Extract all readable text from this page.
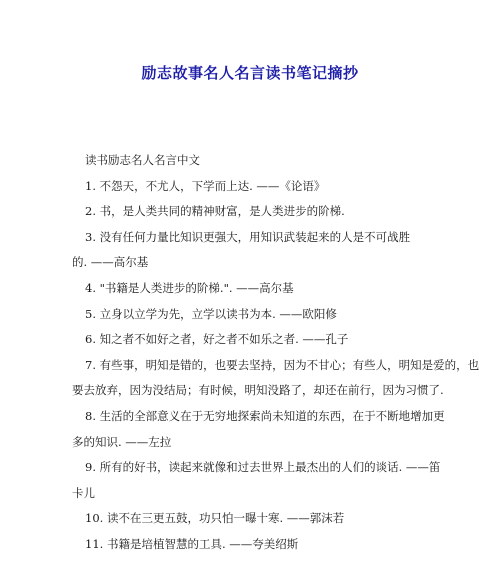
励志故事名人名言读书笔记摘抄
读书励志名人名言中文
1. 不怨天，不尤人，下学而上达. ——《论语》
2. 书，是人类共同的精神财富，是人类进步的阶梯.
3. 没有任何力量比知识更强大，用知识武装起来的人是不可战胜
的. ——高尔基
4. "书籍是人类进步的阶梯.". ——高尔基
5. 立身以立学为先，立学以读书为本. ——欧阳修
6. 知之者不如好之者，好之者不如乐之者. ——孔子
7. 有些事，明知是错的，也要去坚持，因为不甘心；有些人，明知是爱的，也
要去放弃，因为没结局；有时候，明知没路了，却还在前行，因为习惯了.
8. 生活的全部意义在于无穷地探索尚未知道的东西，在于不断地增加更
多的知识. ——左拉
9. 所有的好书，读起来就像和过去世界上最杰出的人们的谈话. ——笛
卡儿
10. 读不在三更五鼓，功只怕一曝十寒. ——郭沫若
11. 书籍是培植智慧的工具. ——夸美绍斯
